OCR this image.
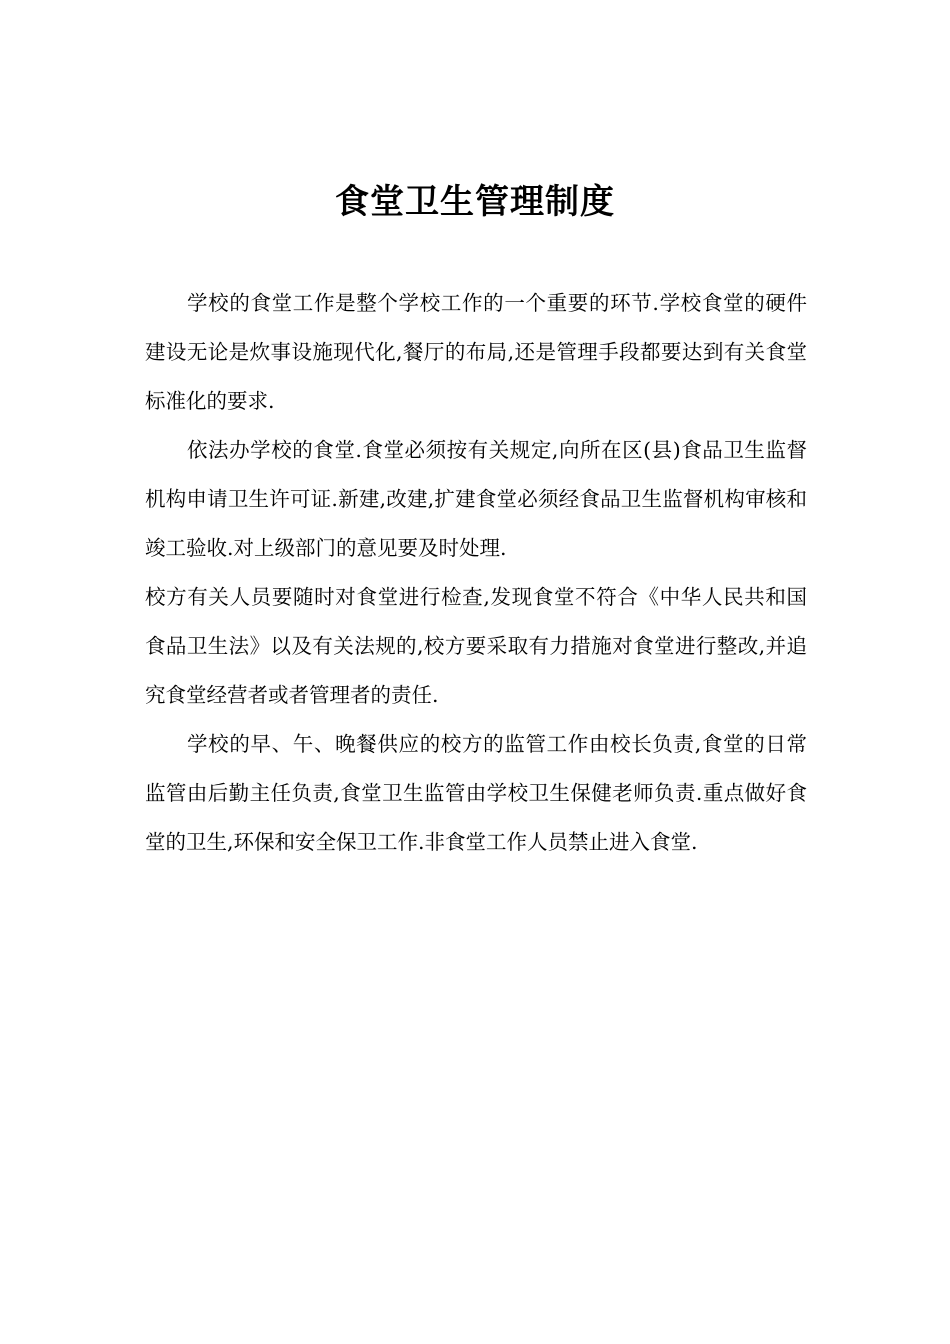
食堂卫生管理制度

学校的食堂工作是整个学校工作的一个重要的环节.学校食堂的硬件建设无论是炊事设施现代化,餐厅的布局,还是管理手段都要达到有关食堂标准化的要求.

依法办学校的食堂.食堂必须按有关规定,向所在区(县)食品卫生监督机构申请卫生许可证.新建,改建,扩建食堂必须经食品卫生监督机构审核和竣工验收.对上级部门的意见要及时处理.

校方有关人员要随时对食堂进行检查,发现食堂不符合《中华人民共和国食品卫生法》以及有关法规的,校方要采取有力措施对食堂进行整改,并追究食堂经营者或者管理者的责任.

学校的早、午、晚餐供应的校方的监管工作由校长负责,食堂的日常监管由后勤主任负责,食堂卫生监管由学校卫生保健老师负责.重点做好食堂的卫生,环保和安全保卫工作.非食堂工作人员禁止进入食堂.
